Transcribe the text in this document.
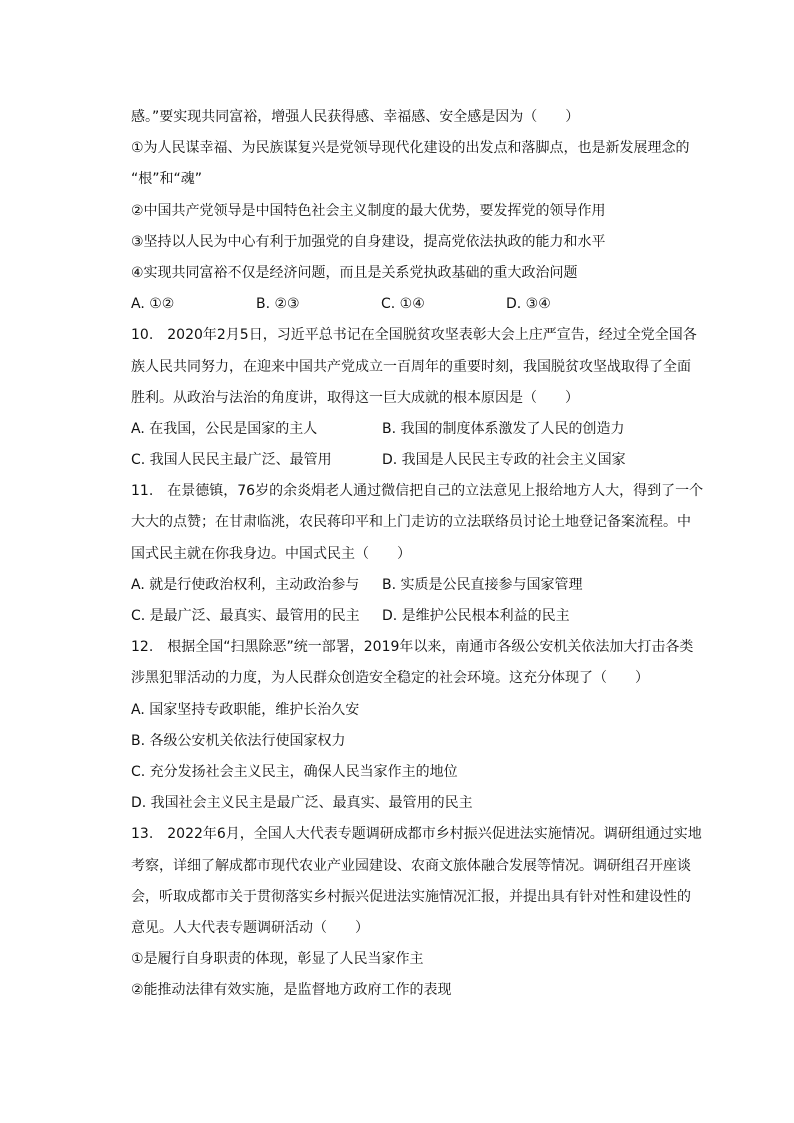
感。”要实现共同富裕，增强人民获得感、幸福感、安全感是因为（　　）
①为人民谋幸福、为民族谋复兴是党领导现代化建设的出发点和落脚点，也是新发展理念的
“根”和“魂”
②中国共产党领导是中国特色社会主义制度的最大优势，要发挥党的领导作用
③坚持以人民为中心有利于加强党的自身建设，提高党依法执政的能力和水平
④实现共同富裕不仅是经济问题，而且是关系党执政基础的重大政治问题
A. ①②	B. ②③	C. ①④	D. ③④
10.　2020年2月5日，习近平总书记在全国脱贫攻坚表彰大会上庄严宣告，经过全党全国各
族人民共同努力，在迎来中国共产党成立一百周年的重要时刻，我国脱贫攻坚战取得了全面
胜利。从政治与法治的角度讲，取得这一巨大成就的根本原因是（　　）
A. 在我国，公民是国家的主人	B. 我国的制度体系激发了人民的创造力
C. 我国人民民主最广泛、最管用	D. 我国是人民民主专政的社会主义国家
11.　在景德镇，76岁的余炎焆老人通过微信把自己的立法意见上报给地方人大，得到了一个
大大的点赞；在甘肃临洮，农民蒋印平和上门走访的立法联络员讨论土地登记备案流程。中
国式民主就在你我身边。中国式民主（　　）
A. 就是行使政治权利，主动政治参与	B. 实质是公民直接参与国家管理
C. 是最广泛、最真实、最管用的民主	D. 是维护公民根本利益的民主
12.　根据全国“扫黑除恶”统一部署，2019年以来，南通市各级公安机关依法加大打击各类
涉黑犯罪活动的力度，为人民群众创造安全稳定的社会环境。这充分体现了（　　）
A. 国家坚持专政职能，维护长治久安
B. 各级公安机关依法行使国家权力
C. 充分发扬社会主义民主，确保人民当家作主的地位
D. 我国社会主义民主是最广泛、最真实、最管用的民主
13.　2022年6月，全国人大代表专题调研成都市乡村振兴促进法实施情况。调研组通过实地
考察，详细了解成都市现代农业产业园建设、农商文旅体融合发展等情况。调研组召开座谈
会，听取成都市关于贯彻落实乡村振兴促进法实施情况汇报，并提出具有针对性和建设性的
意见。人大代表专题调研活动（　　）
①是履行自身职责的体现，彰显了人民当家作主
②能推动法律有效实施，是监督地方政府工作的表现
